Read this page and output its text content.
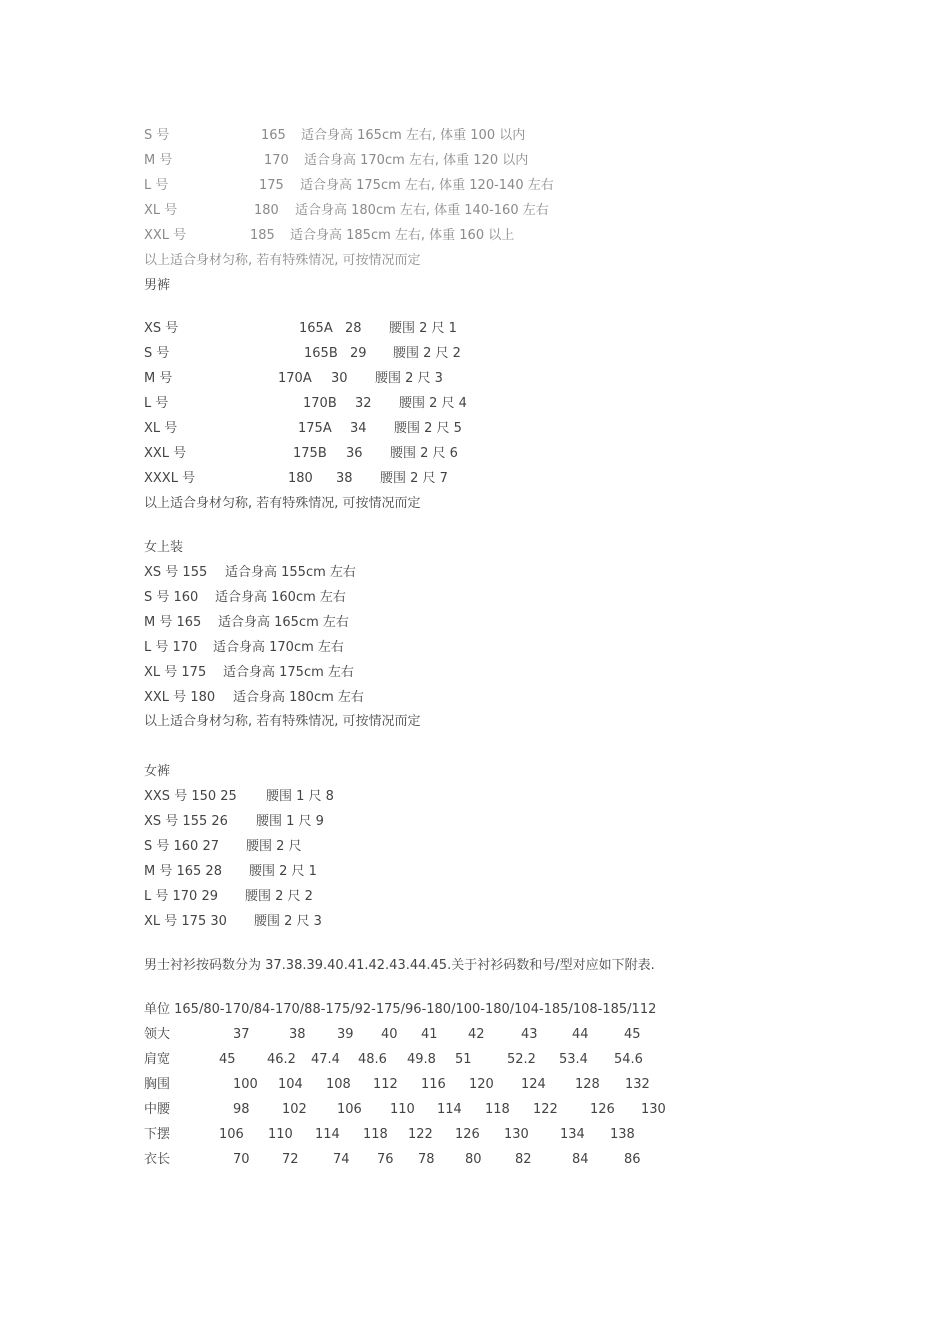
S 号	165 适合身高 165cm 左右, 体重 100 以内
M 号	170 适合身高 170cm 左右, 体重 120 以内
L 号	175 适合身高 175cm 左右, 体重 120-140 左右
XL 号	180 适合身高 180cm 左右, 体重 140-160 左右
XXL 号	185 适合身高 185cm 左右, 体重 160 以上
以上适合身材匀称, 若有特殊情况, 可按情况而定
男裤
XS 号	165A 28 腰围 2 尺 1
S 号	165B 29 腰围 2 尺 2
M 号	170A 30 腰围 2 尺 3
L 号	170B 32 腰围 2 尺 4
XL 号	175A 34 腰围 2 尺 5
XXL 号	175B 36 腰围 2 尺 6
XXXL 号	180 38 腰围 2 尺 7
以上适合身材匀称, 若有特殊情况, 可按情况而定
女上装
XS 号 155 适合身高 155cm 左右
S 号 160 适合身高 160cm 左右
M 号 165 适合身高 165cm 左右
L 号 170 适合身高 170cm 左右
XL 号 175 适合身高 175cm 左右
XXL 号 180 适合身高 180cm 左右
以上适合身材匀称, 若有特殊情况, 可按情况而定
女裤
XXS 号 150 25 腰围 1 尺 8
XS 号 155 26 腰围 1 尺 9
S 号 160 27 腰围 2 尺
M 号 165 28 腰围 2 尺 1
L 号 170 29 腰围 2 尺 2
XL 号 175 30 腰围 2 尺 3
男士衬衫按码数分为 37.38.39.40.41.42.43.44.45.关于衬衫码数和号/型对应如下附表.
单位 165/80-170/84-170/88-175/92-175/96-180/100-180/104-185/108-185/112
领大	37	38 39 40 41 42	43	44	45
肩宽	45 46.2 47.4 48.6 49.8 51	52.2 53.4 54.6
胸围	100 104 108 112 116 120 124 128 132
中腰	98 102 106 110 114 118 122 126 130
下摆	106 110 114 118 122 126 130 134 138
衣长	70 72	74 76 78 80	82	84	86
